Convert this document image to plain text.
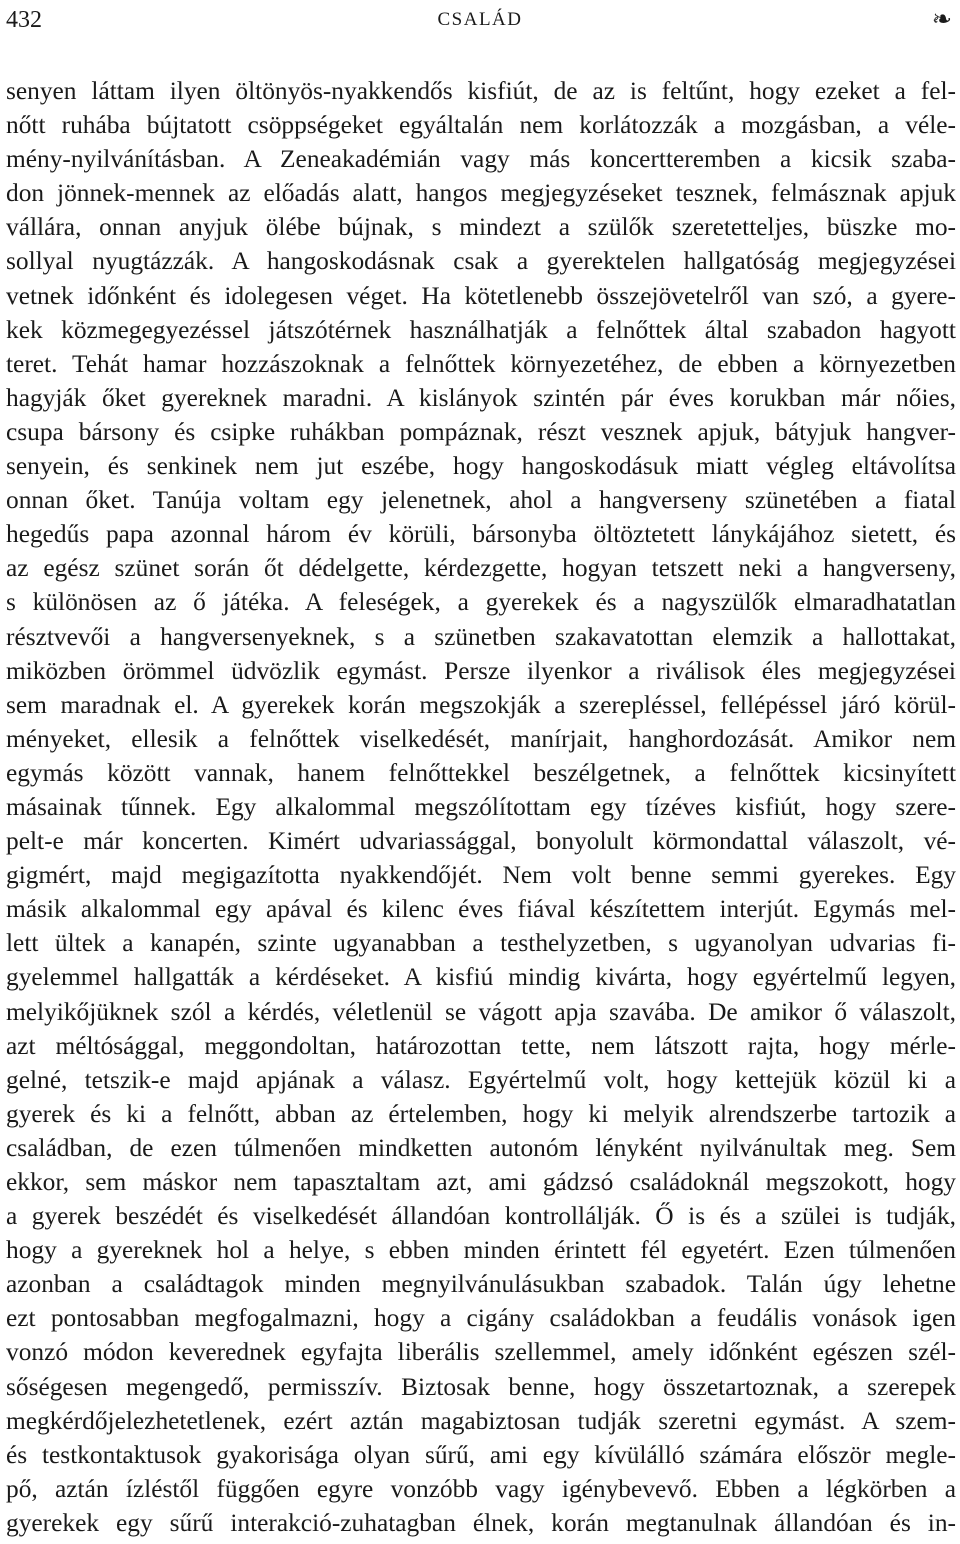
432	CSALÁD	❧
senyen láttam ilyen öltönyös-nyakkendős kisfiút, de az is feltűnt, hogy ezeket a fel-
nőtt ruhába bújtatott csöppségeket egyáltalán nem korlátozzák a mozgásban, a véle-
mény-nyilvánításban. A Zeneakadémián vagy más koncertteremben a kicsik szaba-
don jönnek-mennek az előadás alatt, hangos megjegyzéseket tesznek, felmásznak apjuk
vállára, onnan anyjuk ölébe bújnak, s mindezt a szülők szeretetteljes, büszke mo-
sollyal nyugtázzák. A hangoskodásnak csak a gyerektelen hallgatóság megjegyzései
vetnek időnként és idolegesen véget. Ha kötetlenebb összejövetelről van szó, a gyere-
kek közmegegyezéssel játszótérnek használhatják a felnőttek által szabadon hagyott
teret. Tehát hamar hozzászoknak a felnőttek környezetéhez, de ebben a környezetben
hagyják őket gyereknek maradni. A kislányok szintén pár éves korukban már nőies,
csupa bársony és csipke ruhákban pompáznak, részt vesznek apjuk, bátyjuk hangver-
senyein, és senkinek nem jut eszébe, hogy hangoskodásuk miatt végleg eltávolítsa
onnan őket. Tanúja voltam egy jelenetnek, ahol a hangverseny szünetében a fiatal
hegedűs papa azonnal három év körüli, bársonyba öltöztetett lánykájához sietett, és
az egész szünet során őt dédelgette, kérdezgette, hogyan tetszett neki a hangverseny,
s különösen az ő játéka. A feleségek, a gyerekek és a nagyszülők elmaradhatatlan
résztvevői a hangversenyeknek, s a szünetben szakavatottan elemzik a hallottakat,
miközben örömmel üdvözlik egymást. Persze ilyenkor a riválisok éles megjegyzései
sem maradnak el. A gyerekek korán megszokják a szerepléssel, fellépéssel járó körül-
ményeket, ellesik a felnőttek viselkedését, manírjait, hanghordozását. Amikor nem
egymás között vannak, hanem felnőttekkel beszélgetnek, a felnőttek kicsinyített
másainak tűnnek. Egy alkalommal megszólítottam egy tízéves kisfiút, hogy szere-
pelt-e már koncerten. Kimért udvariassággal, bonyolult körmondattal válaszolt, vé-
gigmért, majd megigazította nyakkendőjét. Nem volt benne semmi gyerekes. Egy
másik alkalommal egy apával és kilenc éves fiával készítettem interjút. Egymás mel-
lett ültek a kanapén, szinte ugyanabban a testhelyzetben, s ugyanolyan udvarias fi-
gyelemmel hallgatták a kérdéseket. A kisfiú mindig kivárta, hogy egyértelmű legyen,
melyikőjüknek szól a kérdés, véletlenül se vágott apja szavába. De amikor ő válaszolt,
azt méltósággal, meggondoltan, határozottan tette, nem látszott rajta, hogy mérle-
gelné, tetszik-e majd apjának a válasz. Egyértelmű volt, hogy kettejük közül ki a
gyerek és ki a felnőtt, abban az értelemben, hogy ki melyik alrendszerbe tartozik a
családban, de ezen túlmenően mindketten autonóm lényként nyilvánultak meg. Sem
ekkor, sem máskor nem tapasztaltam azt, ami gádzsó családoknál megszokott, hogy
a gyerek beszédét és viselkedését állandóan kontrollálják. Ő is és a szülei is tudják,
hogy a gyereknek hol a helye, s ebben minden érintett fél egyetért. Ezen túlmenően
azonban a családtagok minden megnyilvánulásukban szabadok. Talán úgy lehetne
ezt pontosabban megfogalmazni, hogy a cigány családokban a feudális vonások igen
vonzó módon keverednek egyfajta liberális szellemmel, amely időnként egészen szél-
sőségesen megengedő, permisszív. Biztosak benne, hogy összetartoznak, a szerepek
megkérdőjelezhetetlenek, ezért aztán magabiztosan tudják szeretni egymást. A szem-
és testkontaktusok gyakorisága olyan sűrű, ami egy kívülálló számára először megle-
pő, aztán ízléstől függően egyre vonzóbb vagy igénybevevő. Ebben a légkörben a
gyerekek egy sűrű interakció-zuhatagban élnek, korán megtanulnak állandóan és in-
